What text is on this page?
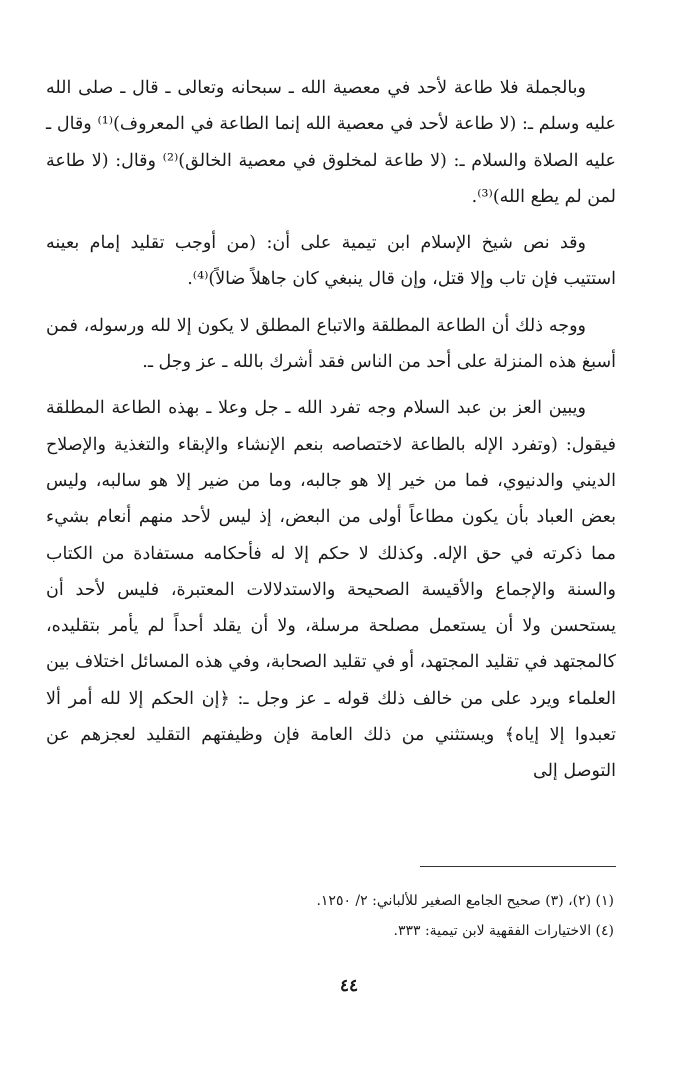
وبالجملة فلا طاعة لأحد في معصية الله ـ سبحانه وتعالى ـ قال ـ صلى الله عليه وسلم ـ: (لا طاعة لأحد في معصية الله إنما الطاعة في المعروف)⁽¹⁾ وقال ـ عليه الصلاة والسلام ـ: (لا طاعة لمخلوق في معصية الخالق)⁽²⁾ وقال: (لا طاعة لمن لم يطع الله)⁽³⁾.

وقد نص شيخ الإسلام ابن تيمية على أن: (من أوجب تقليد إمام بعينه استتيب فإن تاب وإلا قتل، وإن قال ينبغي كان جاهلاً ضالاً)⁽⁴⁾.

ووجه ذلك أن الطاعة المطلقة والاتباع المطلق لا يكون إلا لله ورسوله، فمن أسبغ هذه المنزلة على أحد من الناس فقد أشرك بالله ـ عز وجل ـ.

ويبين العز بن عبد السلام وجه تفرد الله ـ جل وعلا ـ بهذه الطاعة المطلقة فيقول: (وتفرد الإله بالطاعة لاختصاصه بنعم الإنشاء والإبقاء والتغذية والإصلاح الديني والدنيوي، فما من خير إلا هو جالبه، وما من ضير إلا هو سالبه، وليس بعض العباد بأن يكون مطاعاً أولى من البعض، إذ ليس لأحد منهم أنعام بشيء مما ذكرته في حق الإله. وكذلك لا حكم إلا له فأحكامه مستفادة من الكتاب والسنة والإجماع والأقيسة الصحيحة والاستدلالات المعتبرة، فليس لأحد أن يستحسن ولا أن يستعمل مصلحة مرسلة، ولا أن يقلد أحداً لم يأمر بتقليده، كالمجتهد في تقليد المجتهد، أو في تقليد الصحابة، وفي هذه المسائل اختلاف بين العلماء ويرد على من خالف ذلك قوله ـ عز وجل ـ: ﴿إن الحكم إلا لله أمر ألا تعبدوا إلا إياه﴾ ويستثني من ذلك العامة فإن وظيفتهم التقليد لعجزهم عن التوصل إلى

(١) (٢)، (٣) صحيح الجامع الصغير للألباني: ٢/ ١٢٥٠.
(٤) الاختيارات الفقهية لابن تيمية: ٣٣٣.
٤٤
